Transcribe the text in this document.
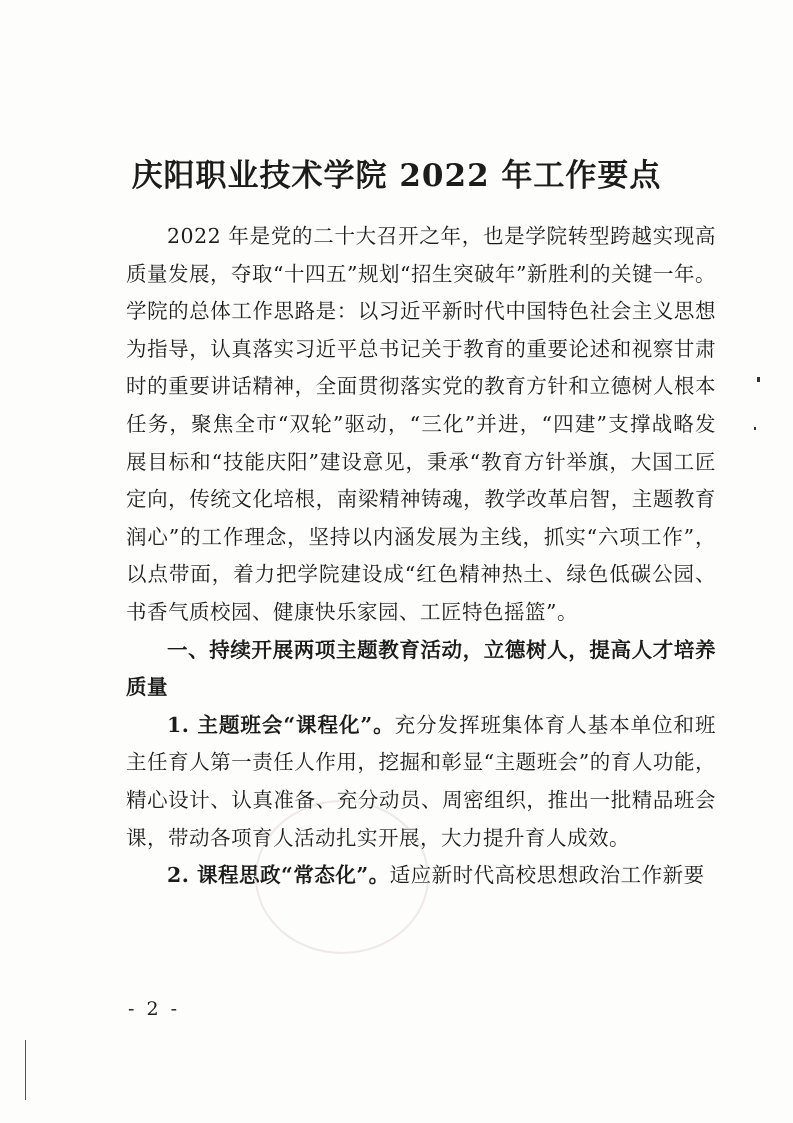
庆阳职业技术学院 2022 年工作要点

2022 年是党的二十大召开之年，也是学院转型跨越实现高质量发展，夺取“十四五”规划“招生突破年”新胜利的关键一年。学院的总体工作思路是：以习近平新时代中国特色社会主义思想为指导，认真落实习近平总书记关于教育的重要论述和视察甘肃时的重要讲话精神，全面贯彻落实党的教育方针和立德树人根本任务，聚焦全市“双轮”驱动，“三化”并进，“四建”支撑战略发展目标和“技能庆阳”建设意见，秉承“教育方针举旗，大国工匠定向，传统文化培根，南梁精神铸魂，教学改革启智，主题教育润心”的工作理念，坚持以内涵发展为主线，抓实“六项工作”，以点带面，着力把学院建设成“红色精神热土、绿色低碳公园、书香气质校园、健康快乐家园、工匠特色摇篮”。

一、持续开展两项主题教育活动，立德树人，提高人才培养质量

1. 主题班会“课程化”。充分发挥班集体育人基本单位和班主任育人第一责任人作用，挖掘和彰显“主题班会”的育人功能，精心设计、认真准备、充分动员、周密组织，推出一批精品班会课，带动各项育人活动扎实开展，大力提升育人成效。

2. 课程思政“常态化”。适应新时代高校思想政治工作新要

- 2 -
